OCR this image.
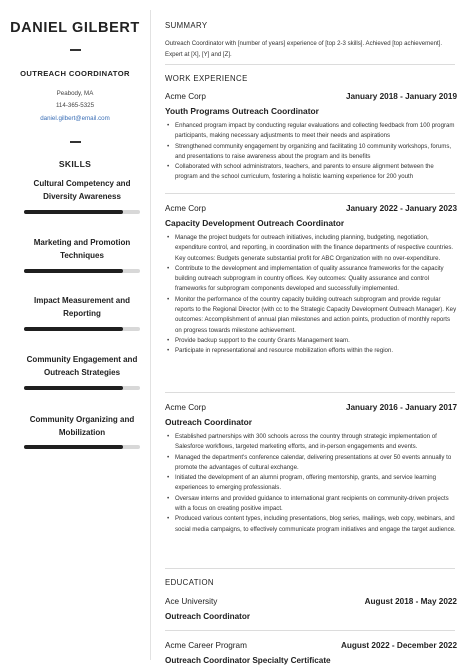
DANIEL GILBERT
OUTREACH COORDINATOR
Peabody, MA
114-365-5325
daniel.gilbert@email.com
SKILLS
Cultural Competency and Diversity Awareness
Marketing and Promotion Techniques
Impact Measurement and Reporting
Community Engagement and Outreach Strategies
Community Organizing and Mobilization
SUMMARY
Outreach Coordinator with [number of years] experience of [top 2-3 skills]. Achieved [top achievement]. Expert at [X], [Y] and [Z].
WORK EXPERIENCE
Acme Corp	January 2018 - January 2019
Youth Programs Outreach Coordinator
• Enhanced program impact by conducting regular evaluations and collecting feedback from 100 program participants, making necessary adjustments to meet their needs and aspirations
• Strengthened community engagement by organizing and facilitating 10 community workshops, forums, and presentations to raise awareness about the program and its benefits
• Collaborated with school administrators, teachers, and parents to ensure alignment between the program and the school curriculum, fostering a holistic learning experience for 200 youth
Acme Corp	January 2022 - January 2023
Capacity Development Outreach Coordinator
• Manage the project budgets for outreach initiatives, including planning, budgeting, negotiation, expenditure control, and reporting, in coordination with the finance departments of respective countries. Key outcomes: Budgets generate substantial profit for ABC Organization with no over-expenditure.
• Contribute to the development and implementation of quality assurance frameworks for the capacity building outreach subprogram in country offices. Key outcomes: Quality assurance and control frameworks for subprogram components developed and successfully implemented.
• Monitor the performance of the country capacity building outreach subprogram and provide regular reports to the Regional Director (with cc to the Strategic Capacity Development Outreach Manager). Key outcomes: Accomplishment of annual plan milestones and action points, production of monthly reports on progress towards milestone achievement.
• Provide backup support to the county Grants Management team.
• Participate in representational and resource mobilization efforts within the region.
Acme Corp	January 2016 - January 2017
Outreach Coordinator
• Established partnerships with 300 schools across the country through strategic implementation of Salesforce workflows, targeted marketing efforts, and in-person engagements and events.
• Managed the department's conference calendar, delivering presentations at over 50 events annually to promote the advantages of cultural exchange.
• Initiated the development of an alumni program, offering mentorship, grants, and service learning experiences to emerging professionals.
• Oversaw interns and provided guidance to international grant recipients on community-driven projects with a focus on creating positive impact.
• Produced various content types, including presentations, blog series, mailings, web copy, webinars, and social media campaigns, to effectively communicate program initiatives and engage the target audience.
EDUCATION
Ace University	August 2018 - May 2022
Outreach Coordinator
Acme Career Program	August 2022 - December 2022
Outreach Coordinator Specialty Certificate
